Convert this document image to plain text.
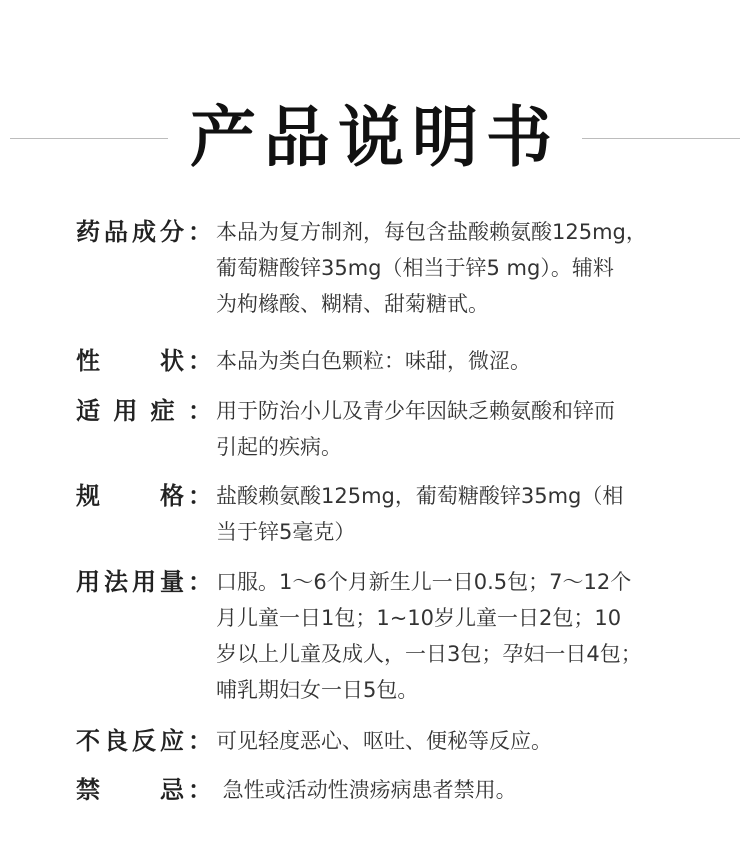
产品说明书
药 品 成 分 ： 本品为复方制剂，每包含盐酸赖氨酸125mg，
葡萄糖酸锌35mg（相当于锌5 mg）。辅料
为枸橼酸、糊精、甜菊糖甙。
性	状 ： 本品为类白色颗粒：味甜，微涩。
适 用 症 ： 用于防治小儿及青少年因缺乏赖氨酸和锌而
引起的疾病。
规	格 ： 盐酸赖氨酸125mg，葡萄糖酸锌35mg（相
当于锌5毫克）
用 法 用 量 ： 口服。1～6个月新生儿一日0.5包；7～12个
月儿童一日1包；1~10岁儿童一日2包；10
岁以上儿童及成人，一日3包；孕妇一日4包；
哺乳期妇女一日5包。
不 良 反 应 ： 可见轻度恶心、呕吐、便秘等反应。
禁	忌 ： 急性或活动性溃疡病患者禁用。
